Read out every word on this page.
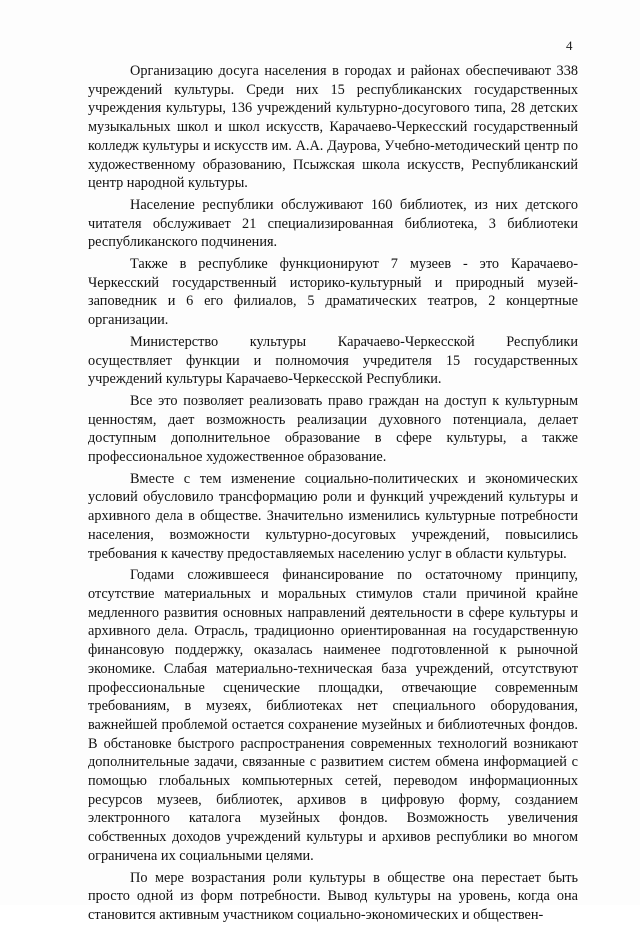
4

Организацию досуга населения в городах и районах обеспечивают 338 учреждений культуры. Среди них 15 республиканских государственных учреждения культуры, 136 учреждений культурно-досугового типа, 28 детских музыкальных школ и школ искусств, Карачаево-Черкесский государственный колледж культуры и искусств им. А.А. Даурова, Учебно-методический центр по художественному образованию, Псыжская школа искусств, Республиканский центр народной культуры.

Население республики обслуживают 160 библиотек, из них детского читателя обслуживает 21 специализированная библиотека, 3 библиотеки республиканского подчинения.

Также в республике функционируют 7 музеев - это Карачаево-Черкесский государственный историко-культурный и природный музей-заповедник и 6 его филиалов, 5 драматических театров, 2 концертные организации.

Министерство культуры Карачаево-Черкесской Республики осуществляет функции и полномочия учредителя 15 государственных учреждений культуры Карачаево-Черкесской Республики.

Все это позволяет реализовать право граждан на доступ к культурным ценностям, дает возможность реализации духовного потенциала, делает доступным дополнительное образование в сфере культуры, а также профессиональное художественное образование.

Вместе с тем изменение социально-политических и экономических условий обусловило трансформацию роли и функций учреждений культуры и архивного дела в обществе. Значительно изменились культурные потребности населения, возможности культурно-досуговых учреждений, повысились требования к качеству предоставляемых населению услуг в области культуры.

Годами сложившееся финансирование по остаточному принципу, отсутствие материальных и моральных стимулов стали причиной крайне медленного развития основных направлений деятельности в сфере культуры и архивного дела. Отрасль, традиционно ориентированная на государственную финансовую поддержку, оказалась наименее подготовленной к рыночной экономике. Слабая материально-техническая база учреждений, отсутствуют профессиональные сценические площадки, отвечающие современным требованиям, в музеях, библиотеках нет специального оборудования, важнейшей проблемой остается сохранение музейных и библиотечных фондов. В обстановке быстрого распространения современных технологий возникают дополнительные задачи, связанные с развитием систем обмена информацией с помощью глобальных компьютерных сетей, переводом информационных ресурсов музеев, библиотек, архивов в цифровую форму, созданием электронного каталога музейных фондов. Возможность увеличения собственных доходов учреждений культуры и архивов республики во многом ограничена их социальными целями.

По мере возрастания роли культуры в обществе она перестает быть просто одной из форм потребности. Вывод культуры на уровень, когда она становится активным участником социально-экономических и обществен-
